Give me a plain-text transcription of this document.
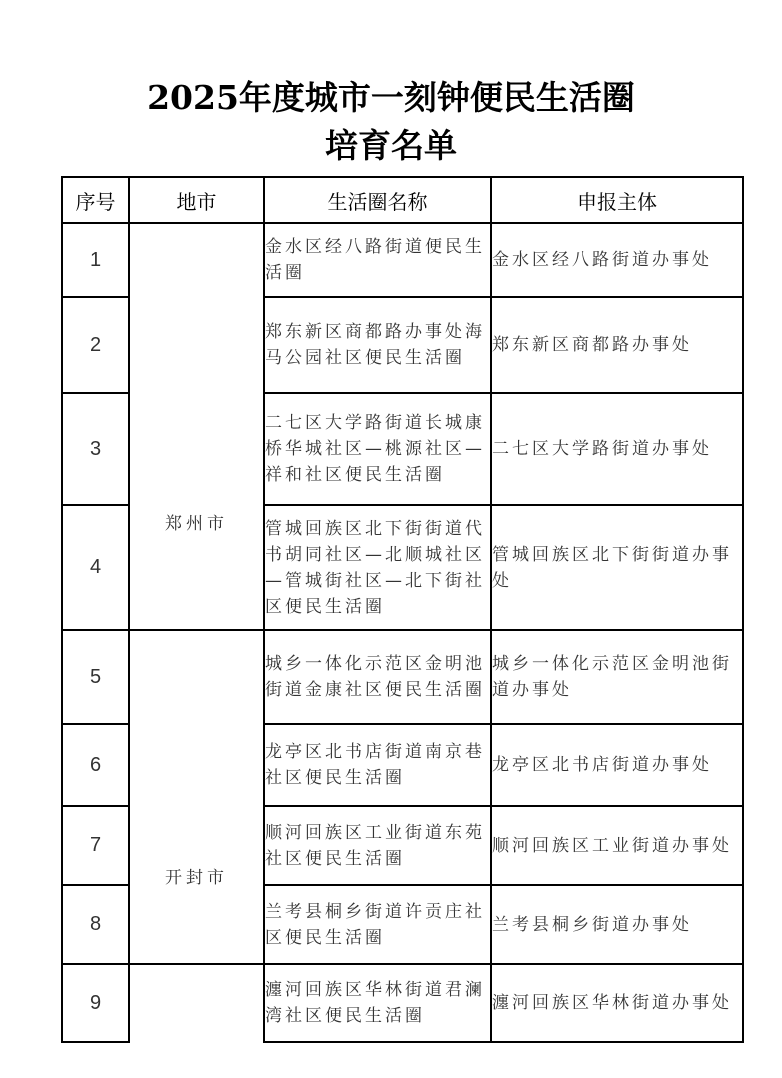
2025年度城市一刻钟便民生活圈
培育名单
序号	地市	生活圈名称	申报主体
1	郑州市	金水区经八路街道便民生活圈	金水区经八路街道办事处
2		郑东新区商都路办事处海马公园社区便民生活圈	郑东新区商都路办事处
3		二七区大学路街道长城康桥华城社区—桃源社区—祥和社区便民生活圈	二七区大学路街道办事处
4		管城回族区北下街街道代书胡同社区—北顺城社区—管城街社区—北下街社区便民生活圈	管城回族区北下街街道办事处
5	开封市	城乡一体化示范区金明池街道金康社区便民生活圈	城乡一体化示范区金明池街道办事处
6		龙亭区北书店街道南京巷社区便民生活圈	龙亭区北书店街道办事处
7		顺河回族区工业街道东苑社区便民生活圈	顺河回族区工业街道办事处
8		兰考县桐乡街道许贡庄社区便民生活圈	兰考县桐乡街道办事处
9		瀍河回族区华林街道君澜湾社区便民生活圈	瀍河回族区华林街道办事处
